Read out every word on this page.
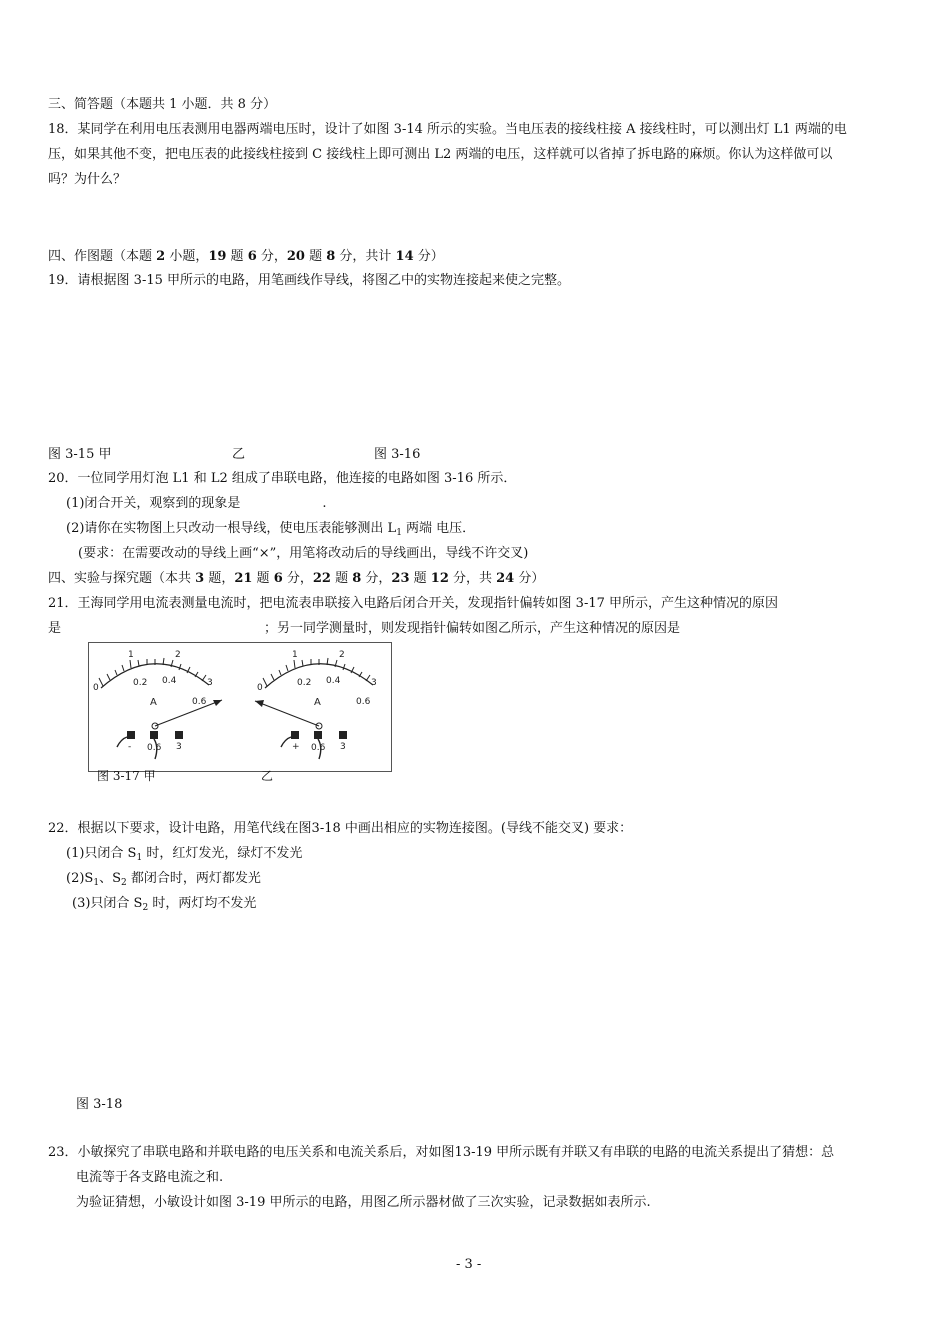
三、简答题（本题共 1 小题．共 8 分）
18．某同学在利用电压表测用电器两端电压时，设计了如图 3-14 所示的实验。当电压表的接线柱接 A 接线柱时，可以测出灯 L1 两端的电
压，如果其他不变，把电压表的此接线柱接到 C 接线柱上即可测出 L2 两端的电压，这样就可以省掉了拆电路的麻烦。你认为这样做可以
吗？为什么？
四、作图题（本题 2 小题，19 题 6 分，20 题 8 分，共计 14 分）
19．请根据图 3-15 甲所示的电路，用笔画线作导线，将图乙中的实物连接起来使之完整。
图 3-15 甲	乙	图 3-16
20．一位同学用灯泡 L1 和 L2 组成了串联电路，他连接的电路如图 3-16 所示．
(1)闭合开关，观察到的现象是	.
(2)请你在实物图上只改动一根导线，使电压表能够测出 $L_1$ 两端 电压．
(要求：在需要改动的导线上画“×”，用笔将改动后的导线画出，导线不许交叉)
四、实验与探究题（本共 3 题，21 题 6 分，22 题 8 分，23 题 12 分，共 24 分）
21．王海同学用电流表测量电流时，把电流表串联接入电路后闭合开关，发现指针偏转如图 3-17 甲所示，产生这种情况的原因
是	；另一同学测量时，则发现指针偏转如图乙所示，产生这种情况的原因是
0
1	2
3
0.2 0.4
0.6
A
- 0.6 3
0
1	2
3
0.2 0.4
0.6
A
+ 0.6 3
图 3-17 甲	乙
22．根据以下要求，设计电路，用笔代线在图3-18 中画出相应的实物连接图。(导线不能交叉) 要求：
(1)只闭合 $S_1$ 时，红灯发光，绿灯不发光
$(2)S_1$、$S_2$ 都闭合时，两灯都发光
(3)只闭合 $S_2$ 时，两灯均不发光
图 3-18
23．小敏探究了串联电路和并联电路的电压关系和电流关系后，对如图13-19 甲所示既有并联又有串联的电路的电流关系提出了猜想：总
电流等于各支路电流之和.
为验证猜想，小敏设计如图 3-19 甲所示的电路，用图乙所示器材做了三次实验，记录数据如表所示.
- 3 -
